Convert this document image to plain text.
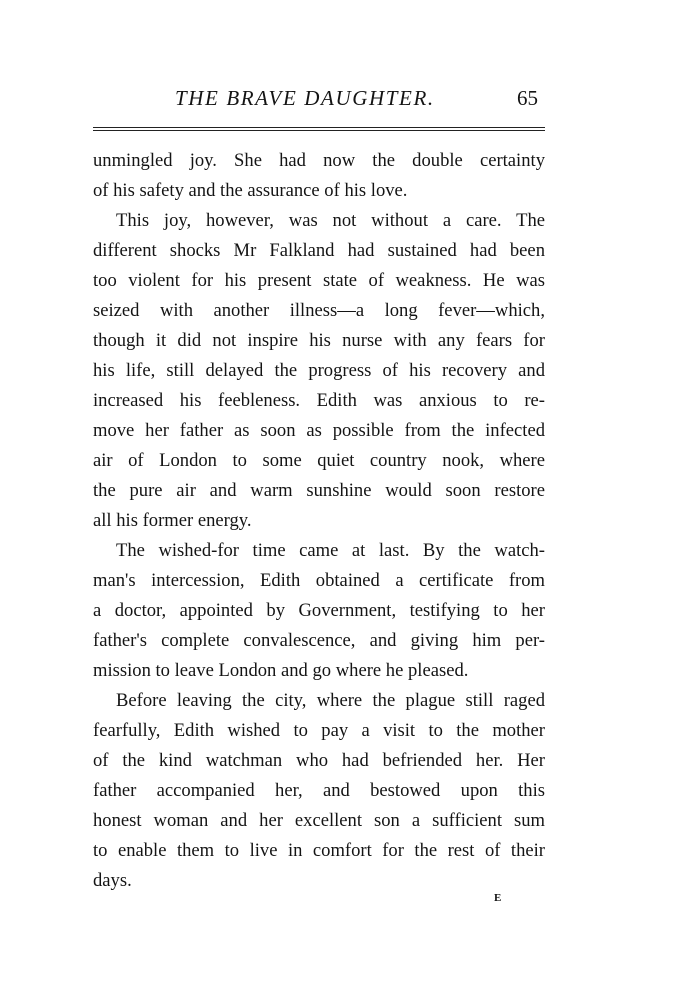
THE BRAVE DAUGHTER.	65
unmingled joy. She had now the double certainty
of his safety and the assurance of his love.
This joy, however, was not without a care. The
different shocks Mr Falkland had sustained had been
too violent for his present state of weakness. He was
seized with another illness—a long fever—which,
though it did not inspire his nurse with any fears for
his life, still delayed the progress of his recovery and
increased his feebleness. Edith was anxious to re-
move her father as soon as possible from the infected
air of London to some quiet country nook, where
the pure air and warm sunshine would soon restore
all his former energy.
The wished-for time came at last. By the watch-
man's intercession, Edith obtained a certificate from
a doctor, appointed by Government, testifying to her
father's complete convalescence, and giving him per-
mission to leave London and go where he pleased.
Before leaving the city, where the plague still raged
fearfully, Edith wished to pay a visit to the mother
of the kind watchman who had befriended her. Her
father accompanied her, and bestowed upon this
honest woman and her excellent son a sufficient sum
to enable them to live in comfort for the rest of their
days.
E
